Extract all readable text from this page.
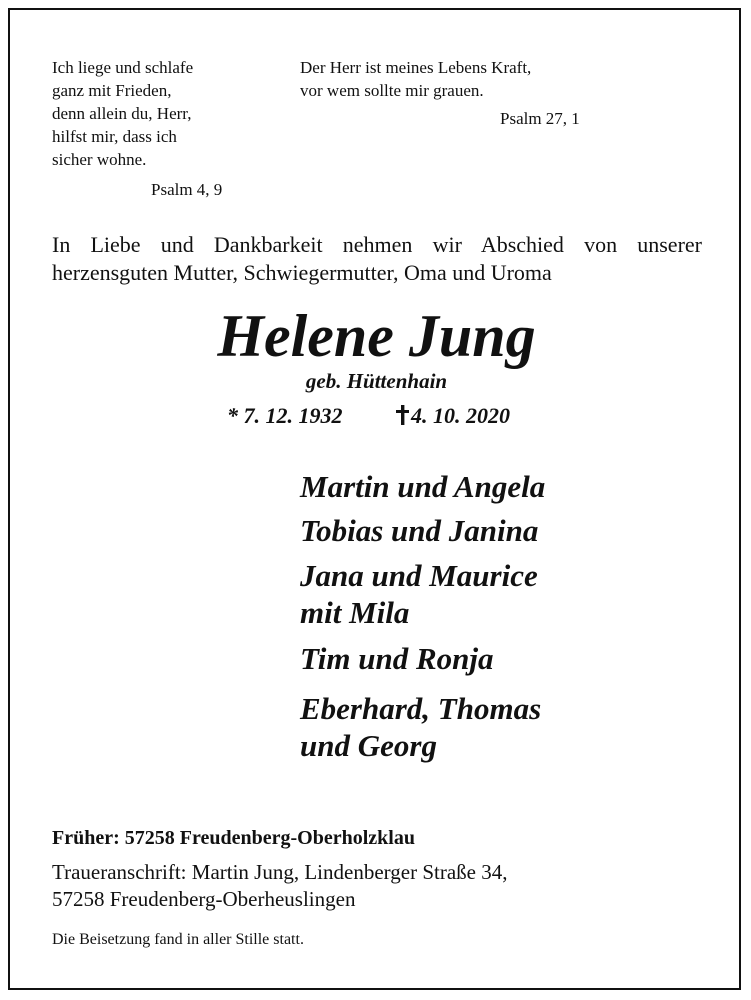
Ich liege und schlafe
ganz mit Frieden,
denn allein du, Herr,
hilfst mir, dass ich
sicher wohne.
Psalm 4, 9
Der Herr ist meines Lebens Kraft,
vor wem sollte mir grauen.
Psalm 27, 1
In Liebe und Dankbarkeit nehmen wir Abschied von unserer
herzensguten Mutter, Schwiegermutter, Oma und Uroma
Helene Jung
geb. Hüttenhain
* 7. 12. 1932	4. 10. 2020
Martin und Angela
Tobias und Janina
Jana und Maurice
mit Mila
Tim und Ronja
Eberhard, Thomas
und Georg
Früher: 57258 Freudenberg-Oberholzklau
Traueranschrift: Martin Jung, Lindenberger Straße 34,
57258 Freudenberg-Oberheuslingen
Die Beisetzung fand in aller Stille statt.
